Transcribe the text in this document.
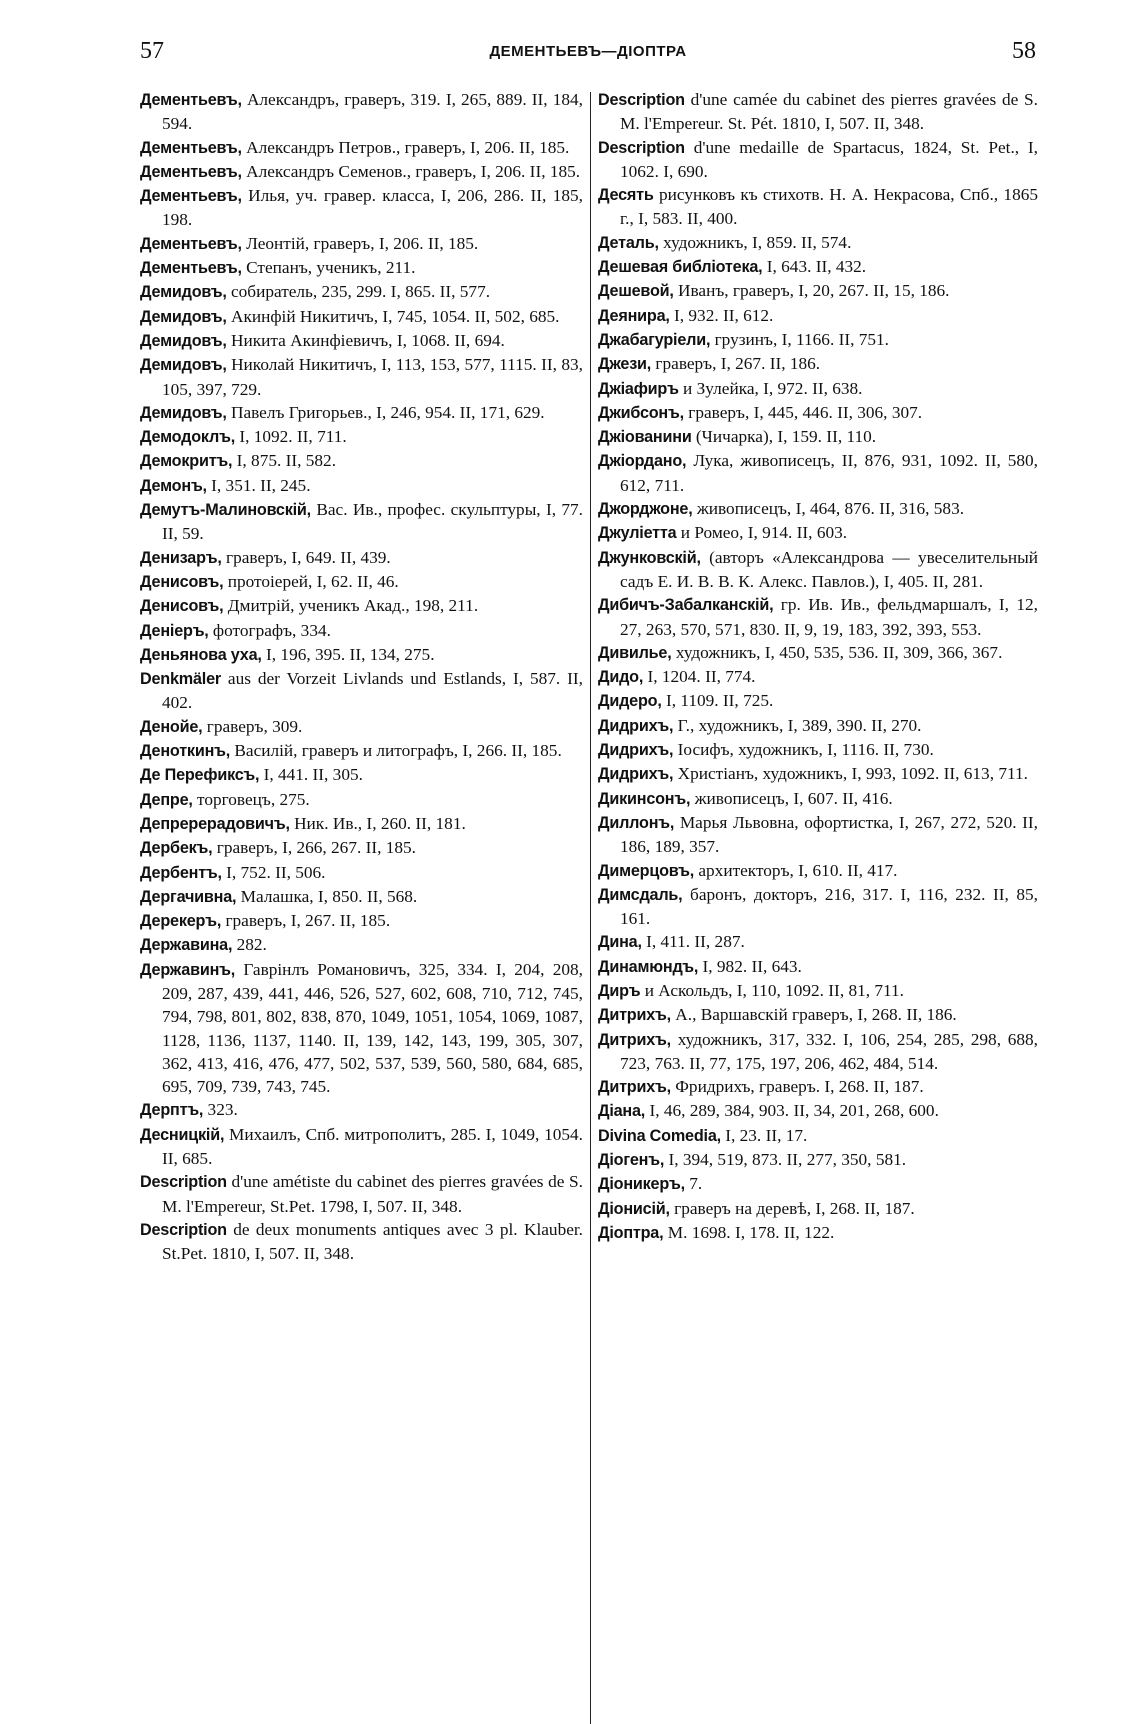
57	ДЕМЕНТЬЕВЪ—ДІОПТРА	58

Дементьевъ, Александръ, граверъ, 319. I, 265, 889. II, 184, 594.

Дементьевъ, Александръ Петров., граверъ, I, 206. II, 185.

Дементьевъ, Александръ Семенов., граверъ, I, 206. II, 185.

Дементьевъ, Илья, уч. гравер. класса, I, 206, 286. II, 185, 198.

Дементьевъ, Леонтій, граверъ, I, 206. II, 185.

Дементьевъ, Степанъ, ученикъ, 211.

Демидовъ, собиратель, 235, 299. I, 865. II, 577.

Демидовъ, Акинфій Никитичъ, I, 745, 1054. II, 502, 685.

Демидовъ, Никита Акинфіевичъ, I, 1068. II, 694.

Демидовъ, Николай Никитичъ, I, 113, 153, 577, 1115. II, 83, 105, 397, 729.

Демидовъ, Павелъ Григорьев., I, 246, 954. II, 171, 629.

Демодоклъ, I, 1092. II, 711.

Демокритъ, I, 875. II, 582.

Демонъ, I, 351. II, 245.

Демутъ-Малиновскій, Вас. Ив., профес. скульптуры, I, 77. II, 59.

Денизаръ, граверъ, I, 649. II, 439.

Денисовъ, протоіерей, I, 62. II, 46.

Денисовъ, Дмитрій, ученикъ Акад., 198, 211.

Деніеръ, фотографъ, 334.

Деньянова уха, I, 196, 395. II, 134, 275.

Denkmäler aus der Vorzeit Livlands und Estlands, I, 587. II, 402.

Денойе, граверъ, 309.

Деноткинъ, Василій, граверъ и литографъ, I, 266. II, 185.

Де Перефиксъ, I, 441. II, 305.

Депре, торговецъ, 275.

Депререрадовичъ, Ник. Ив., I, 260. II, 181.

Дербекъ, граверъ, I, 266, 267. II, 185.

Дербентъ, I, 752. II, 506.

Дергачивна, Малашка, I, 850. II, 568.

Дерекеръ, граверъ, I, 267. II, 185.

Державина, 282.

Державинъ, Гаврінлъ Романовичъ, 325, 334. I, 204, 208, 209, 287, 439, 441, 446, 526, 527, 602, 608, 710, 712, 745, 794, 798, 801, 802, 838, 870, 1049, 1051, 1054, 1069, 1087, 1128, 1136, 1137, 1140. II, 139, 142, 143, 199, 305, 307, 362, 413, 416, 476, 477, 502, 537, 539, 560, 580, 684, 685, 695, 709, 739, 743, 745.

Дерптъ, 323.

Десницкій, Михаилъ, Спб. митрополитъ, 285. I, 1049, 1054. II, 685.

Description d'une amétiste du cabinet des pierres gravées de S. M. l'Empereur, St.Pet. 1798, I, 507. II, 348.

Description de deux monuments antiques avec 3 pl. Klauber. St.Pet. 1810, I, 507. II, 348.

Description d'une camée du cabinet des pierres gravées de S. M. l'Empereur. St. Pét. 1810, I, 507. II, 348.

Description d'une medaille de Spartacus, 1824, St. Pet., I, 1062. I, 690.

Десять рисунковъ къ стихотв. Н. А. Некрасова, Спб., 1865 г., I, 583. II, 400.

Деталь, художникъ, I, 859. II, 574.

Дешевая библіотека, I, 643. II, 432.

Дешевой, Иванъ, граверъ, I, 20, 267. II, 15, 186.

Деянира, I, 932. II, 612.

Джабагуріели, грузинъ, I, 1166. II, 751.

Джези, граверъ, I, 267. II, 186.

Джіафиръ и Зулейка, I, 972. II, 638.

Джибсонъ, граверъ, I, 445, 446. II, 306, 307.

Джіованини (Чичарка), I, 159. II, 110.

Джіордано, Лука, живописецъ, II, 876, 931, 1092. II, 580, 612, 711.

Джорджоне, живописецъ, I, 464, 876. II, 316, 583.

Джуліетта и Ромео, I, 914. II, 603.

Джунковскій, (авторъ «Александрова — увеселительный садъ Е. И. В. В. К. Алекс. Павлов.), I, 405. II, 281.

Дибичъ-Забалканскій, гр. Ив. Ив., фельдмаршалъ, I, 12, 27, 263, 570, 571, 830. II, 9, 19, 183, 392, 393, 553.

Дивилье, художникъ, I, 450, 535, 536. II, 309, 366, 367.

Дидо, I, 1204. II, 774.

Дидеро, I, 1109. II, 725.

Дидрихъ, Г., художникъ, I, 389, 390. II, 270.

Дидрихъ, Іосифъ, художникъ, I, 1116. II, 730.

Дидрихъ, Христіанъ, художникъ, I, 993, 1092. II, 613, 711.

Дикинсонъ, живописецъ, I, 607. II, 416.

Диллонъ, Марья Львовна, офортистка, I, 267, 272, 520. II, 186, 189, 357.

Димерцовъ, архитекторъ, I, 610. II, 417.

Димсдаль, баронъ, докторъ, 216, 317. I, 116, 232. II, 85, 161.

Дина, I, 411. II, 287.

Динамюндъ, I, 982. II, 643.

Диръ и Аскольдъ, I, 110, 1092. II, 81, 711.

Дитрихъ, А., Варшавскій граверъ, I, 268. II, 186.

Дитрихъ, художникъ, 317, 332. I, 106, 254, 285, 298, 688, 723, 763. II, 77, 175, 197, 206, 462, 484, 514.

Дитрихъ, Фридрихъ, граверъ. I, 268. II, 187.

Діана, I, 46, 289, 384, 903. II, 34, 201, 268, 600.

Divina Comedia, I, 23. II, 17.

Діогенъ, I, 394, 519, 873. II, 277, 350, 581.

Діоникеръ, 7.

Діонисій, граверъ на деревѣ, I, 268. II, 187.

Діоптра, М. 1698. I, 178. II, 122.
